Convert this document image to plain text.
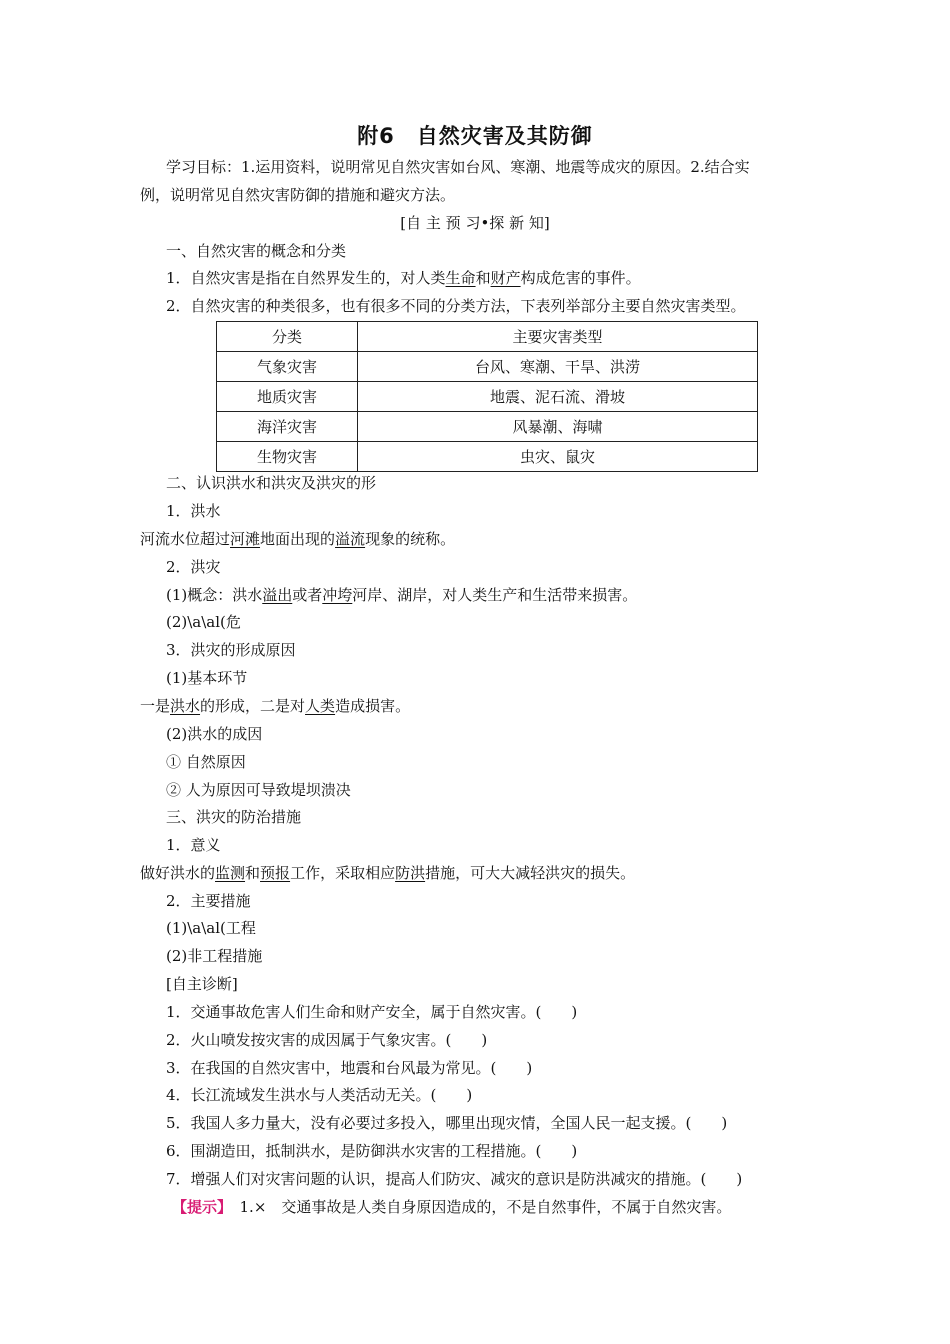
附6　自然灾害及其防御
学习目标：1.运用资料，说明常见自然灾害如台风、寒潮、地震等成灾的原因。2.结合实
例，说明常见自然灾害防御的措施和避灾方法。
[自 主 预 习•探 新 知]
一、自然灾害的概念和分类
1．自然灾害是指在自然界发生的，对人类生命和财产构成危害的事件。
2．自然灾害的种类很多，也有很多不同的分类方法，下表列举部分主要自然灾害类型。
分类	主要灾害类型
气象灾害	台风、寒潮、干旱、洪涝
地质灾害	地震、泥石流、滑坡
海洋灾害	风暴潮、海啸
生物灾害	虫灾、鼠灾
二、认识洪水和洪灾及洪灾的形
1．洪水
河流水位超过河滩地面出现的溢流现象的统称。
2．洪灾
(1)概念：洪水溢出或者冲垮河岸、湖岸，对人类生产和生活带来损害。
(2)\a\al(危
3．洪灾的形成原因
(1)基本环节
一是洪水的形成，二是对人类造成损害。
(2)洪水的成因
① 自然原因
② 人为原因可导致堤坝溃决
三、洪灾的防治措施
1．意义
做好洪水的监测和预报工作，采取相应防洪措施，可大大减轻洪灾的损失。
2．主要措施
(1)\a\al(工程
(2)非工程措施
[自主诊断]
1．交通事故危害人们生命和财产安全，属于自然灾害。(　　)
2．火山喷发按灾害的成因属于气象灾害。(　　)
3．在我国的自然灾害中，地震和台风最为常见。(　　)
4．长江流域发生洪水与人类活动无关。(　　)
5．我国人多力量大，没有必要过多投入，哪里出现灾情，全国人民一起支援。(　　)
6．围湖造田，抵制洪水，是防御洪水灾害的工程措施。(　　)
7．增强人们对灾害问题的认识，提高人们防灾、减灾的意识是防洪减灾的措施。(　　)
【提示】　1.×　交通事故是人类自身原因造成的，不是自然事件，不属于自然灾害。
